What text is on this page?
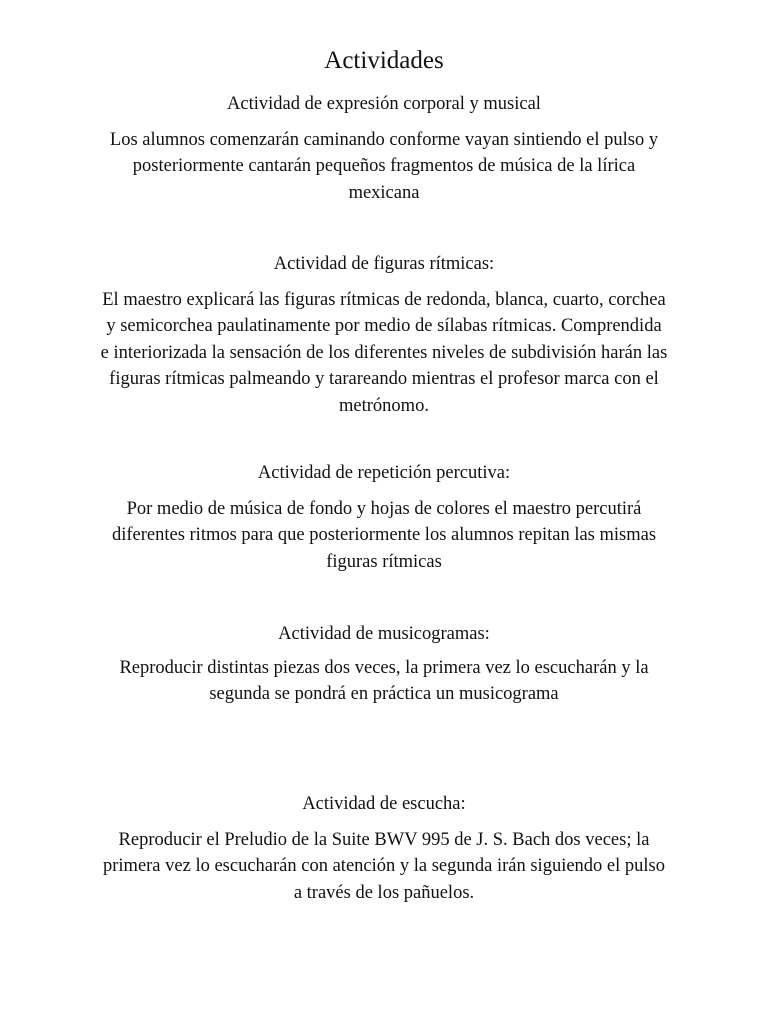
Actividades
Actividad de expresión corporal y musical

Los alumnos comenzarán caminando conforme vayan sintiendo el pulso y posteriormente cantarán pequeños fragmentos de música de la lírica mexicana

Actividad de figuras rítmicas:

El maestro explicará las figuras rítmicas de redonda, blanca, cuarto, corchea y semicorchea paulatinamente por medio de sílabas rítmicas. Comprendida e interiorizada la sensación de los diferentes niveles de subdivisión harán las figuras rítmicas palmeando y tarareando mientras el profesor marca con el metrónomo.

Actividad de repetición percutiva:

Por medio de música de fondo y hojas de colores el maestro percutirá diferentes ritmos para que posteriormente los alumnos repitan las mismas figuras rítmicas

Actividad de musicogramas:

Reproducir distintas piezas dos veces, la primera vez lo escucharán y la segunda se pondrá en práctica un musicograma

Actividad de escucha:

Reproducir el Preludio de la Suite BWV 995 de J. S. Bach dos veces; la primera vez lo escucharán con atención y la segunda irán siguiendo el pulso a través de los pañuelos.
